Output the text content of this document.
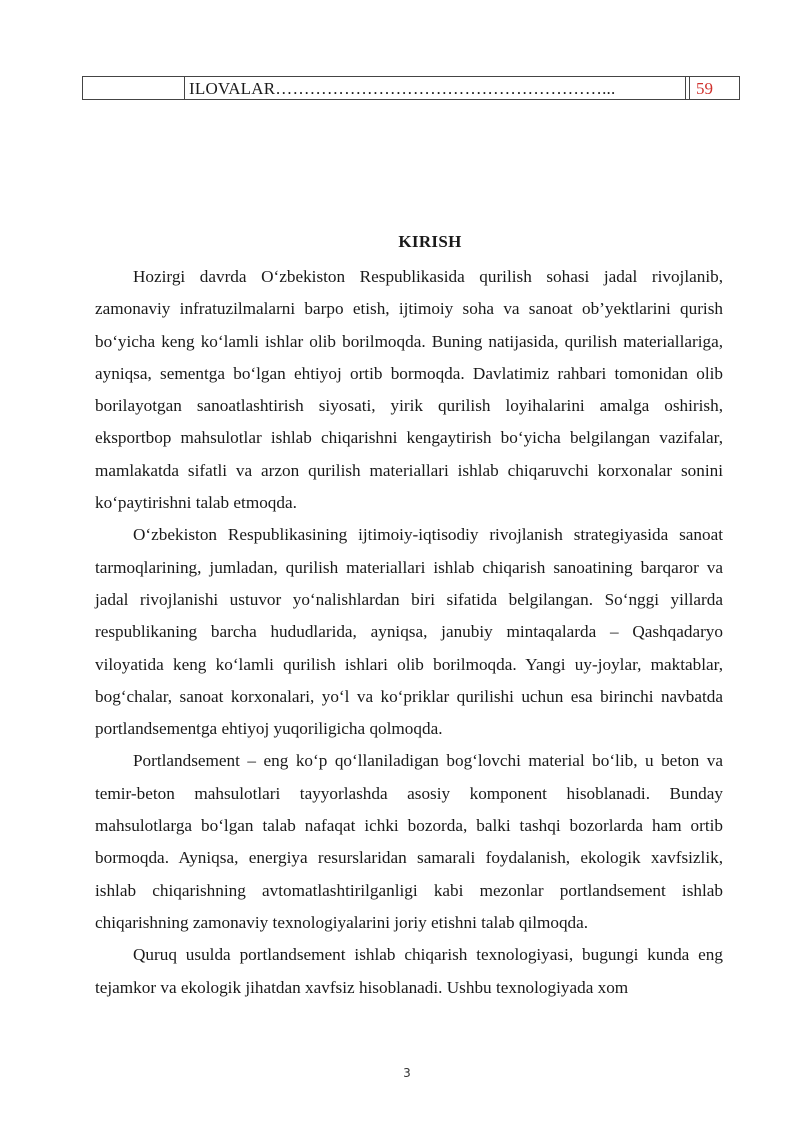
ILOVALAR…………………………………………………...	59
KIRISH

Hozirgi davrda O‘zbekiston Respublikasida qurilish sohasi jadal rivojlanib, zamonaviy infratuzilmalarni barpo etish, ijtimoiy soha va sanoat ob’yektlarini qurish bo‘yicha keng ko‘lamli ishlar olib borilmoqda. Buning natijasida, qurilish materiallariga, ayniqsa, sementga bo‘lgan ehtiyoj ortib bormoqda. Davlatimiz rahbari tomonidan olib borilayotgan sanoatlashtirish siyosati, yirik qurilish loyihalarini amalga oshirish, eksportbop mahsulotlar ishlab chiqarishni kengaytirish bo‘yicha belgilangan vazifalar, mamlakatda sifatli va arzon qurilish materiallari ishlab chiqaruvchi korxonalar sonini ko‘paytirishni talab etmoqda.

O‘zbekiston Respublikasining ijtimoiy-iqtisodiy rivojlanish strategiyasida sanoat tarmoqlarining, jumladan, qurilish materiallari ishlab chiqarish sanoatining barqaror va jadal rivojlanishi ustuvor yo‘nalishlardan biri sifatida belgilangan. So‘nggi yillarda respublikaning barcha hududlarida, ayniqsa, janubiy mintaqalarda – Qashqadaryo viloyatida keng ko‘lamli qurilish ishlari olib borilmoqda. Yangi uy-joylar, maktablar, bog‘chalar, sanoat korxonalari, yo‘l va ko‘priklar qurilishi uchun esa birinchi navbatda portlandsementga ehtiyoj yuqoriligicha qolmoqda.

Portlandsement – eng ko‘p qo‘llaniladigan bog‘lovchi material bo‘lib, u beton va temir-beton mahsulotlari tayyorlashda asosiy komponent hisoblanadi. Bunday mahsulotlarga bo‘lgan talab nafaqat ichki bozorda, balki tashqi bozorlarda ham ortib bormoqda. Ayniqsa, energiya resurslaridan samarali foydalanish, ekologik xavfsizlik, ishlab chiqarishning avtomatlashtirilganligi kabi mezonlar portlandsement ishlab chiqarishning zamonaviy texnologiyalarini joriy etishni talab qilmoqda.

Quruq usulda portlandsement ishlab chiqarish texnologiyasi, bugungi kunda eng tejamkor va ekologik jihatdan xavfsiz hisoblanadi. Ushbu texnologiyada xom

3
